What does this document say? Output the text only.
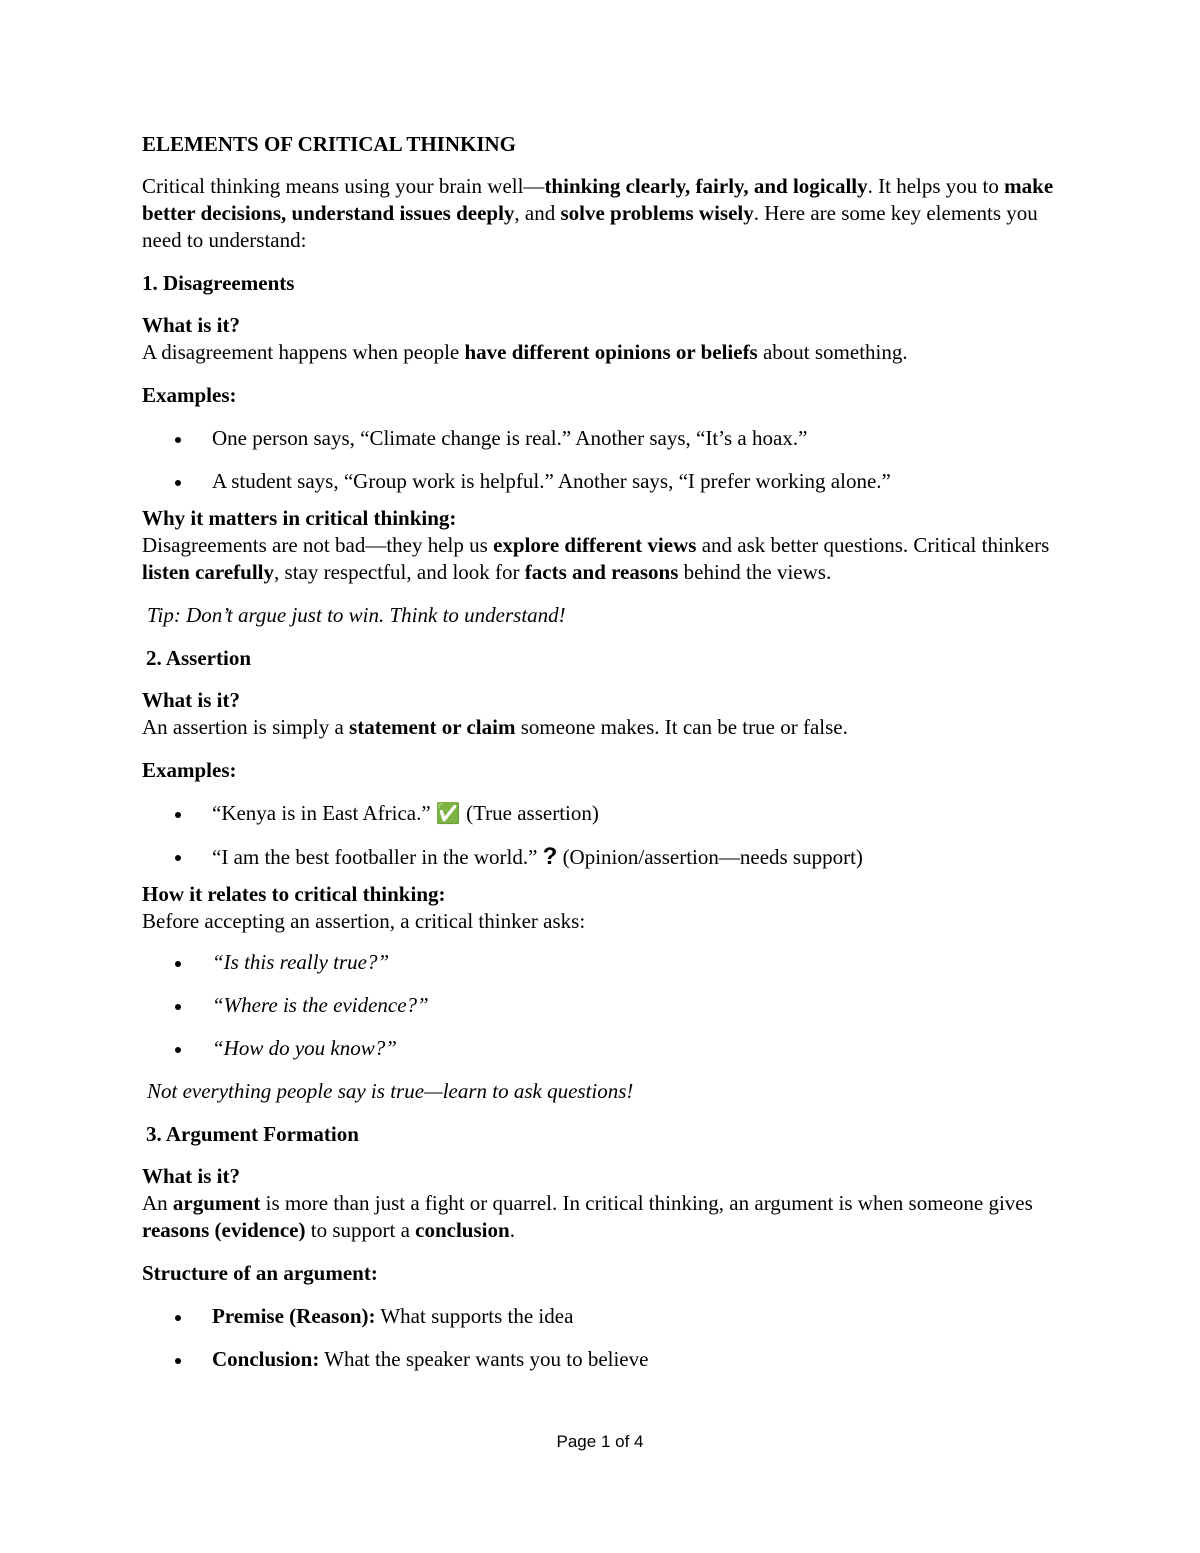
ELEMENTS OF CRITICAL THINKING

Critical thinking means using your brain well—thinking clearly, fairly, and logically. It helps you to make better decisions, understand issues deeply, and solve problems wisely. Here are some key elements you need to understand:

1. Disagreements

What is it?
A disagreement happens when people have different opinions or beliefs about something.

Examples:

One person says, “Climate change is real.” Another says, “It’s a hoax.”
A student says, “Group work is helpful.” Another says, “I prefer working alone.”

Why it matters in critical thinking:
Disagreements are not bad—they help us explore different views and ask better questions. Critical thinkers listen carefully, stay respectful, and look for facts and reasons behind the views.

Tip: Don’t argue just to win. Think to understand!

2. Assertion

What is it?
An assertion is simply a statement or claim someone makes. It can be true or false.

Examples:

“Kenya is in East Africa.” ✅ (True assertion)
“I am the best footballer in the world.” ? (Opinion/assertion—needs support)

How it relates to critical thinking:
Before accepting an assertion, a critical thinker asks:

“Is this really true?”
“Where is the evidence?”
“How do you know?”

Not everything people say is true—learn to ask questions!

3. Argument Formation

What is it?
An argument is more than just a fight or quarrel. In critical thinking, an argument is when someone gives reasons (evidence) to support a conclusion.

Structure of an argument:

Premise (Reason): What supports the idea
Conclusion: What the speaker wants you to believe
Page 1 of 4
